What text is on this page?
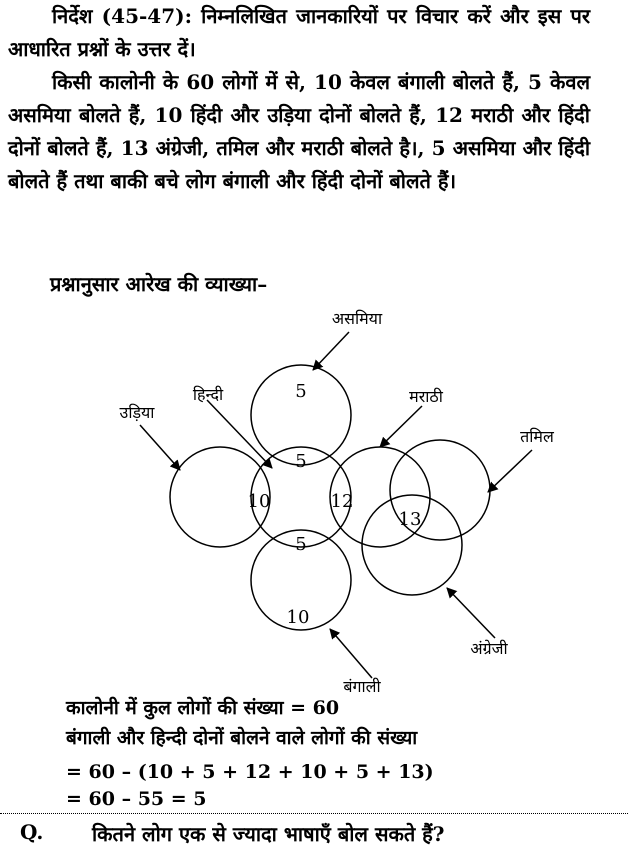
निर्देश (45-47): निम्नलिखित जानकारियों पर विचार करें और इस पर आधारित प्रश्नों के उत्तर दें।
किसी कालोनी के 60 लोगों में से, 10 केवल बंगाली बोलते हैं, 5 केवल असमिया बोलते हैं, 10 हिंदी और उड़िया दोनों बोलते हैं, 12 मराठी और हिंदी दोनों बोलते हैं, 13 अंग्रेजी, तमिल और मराठी बोलते है।, 5 असमिया और हिंदी बोलते हैं तथा बाकी बचे लोग बंगाली और हिंदी दोनों बोलते हैं।
प्रश्नानुसार आरेख की व्याख्या–
असमिया
हिन्दी
उड़िया
मराठी
तमिल
अंग्रेजी
बंगाली
5
5
10	12
13
5
10
कालोनी में कुल लोगों की संख्या = 60
बंगाली और हिन्दी दोनों बोलने वाले लोगों की संख्या
= 60 – (10 + 5 + 12 + 10 + 5 + 13)
= 60 – 55 = 5
Q. कितने लोग एक से ज्यादा भाषाएँ बोल सकते हैं?
